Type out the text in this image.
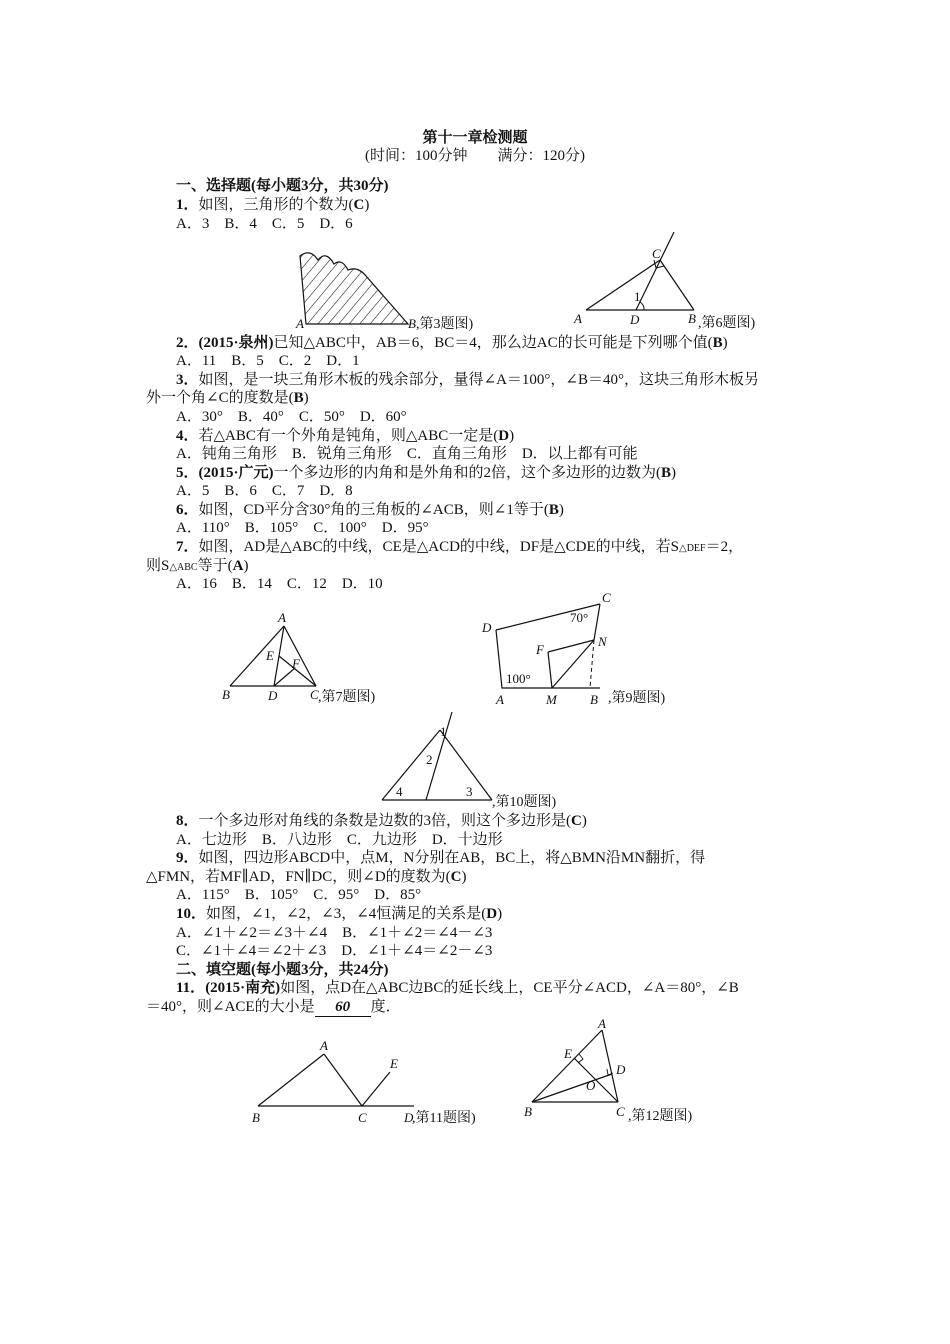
第十一章检测题
(时间：100分钟　　满分：120分)
一、选择题(每小题3分，共30分)
1．如图，三角形的个数为(C)
A．3　B．4　C．5　D．6
A	B ,第3题图)
1
C
A	D	B ,第6题图)
2．(2015·泉州)已知△ABC中，AB＝6，BC＝4，那么边AC的长可能是下列哪个值(B)
A．11　B．5　C．2　D．1
3．如图，是一块三角形木板的残余部分，量得∠A＝100°，∠B＝40°，这块三角形木板另
外一个角∠C的度数是(B)
A．30°　B．40°　C．50°　D．60°
4．若△ABC有一个外角是钝角，则△ABC一定是(D)
A．钝角三角形　B．锐角三角形　C．直角三角形　D．以上都有可能
5．(2015·广元)一个多边形的内角和是外角和的2倍，这个多边形的边数为(B)
A．5　B．6　C．7　D．8
6．如图，CD平分含30°角的三角板的∠ACB，则∠1等于(B)
A．110°　B．105°　C．100°　D．95°
7．如图，AD是△ABC的中线，CE是△ACD的中线，DF是△CDE的中线，若S△DEF＝2，
则S△ABC等于(A)
A．16　B．14　C．12　D．10
A
E
F
B	D	C ,第7题图)
D
C
70°
N
F
100°
A	M	B ,第9题图)
1
2
4	3
,第10题图)
8．一个多边形对角线的条数是边数的3倍，则这个多边形是(C)
A．七边形　B．八边形　C．九边形　D．十边形
9．如图，四边形ABCD中，点M，N分别在AB，BC上，将△BMN沿MN翻折，得
△FMN，若MF∥AD，FN∥DC，则∠D的度数为(C)
A．115°　B．105°　C．95°　D．85°
10．如图，∠1，∠2，∠3，∠4恒满足的关系是(D)
A．∠1＋∠2＝∠3＋∠4　B．∠1＋∠2＝∠4－∠3
C．∠1＋∠4＝∠2＋∠3　D．∠1＋∠4＝∠2－∠3
二、填空题(每小题3分，共24分)
11．(2015·南充)如图，点D在△ABC边BC的延长线上，CE平分∠ACD，∠A＝80°，∠B
＝40°，则∠ACE的大小是 60 度．
A
E
B	C	D
,第11题图)
A
E
D
O
B	C ,第12题图)
